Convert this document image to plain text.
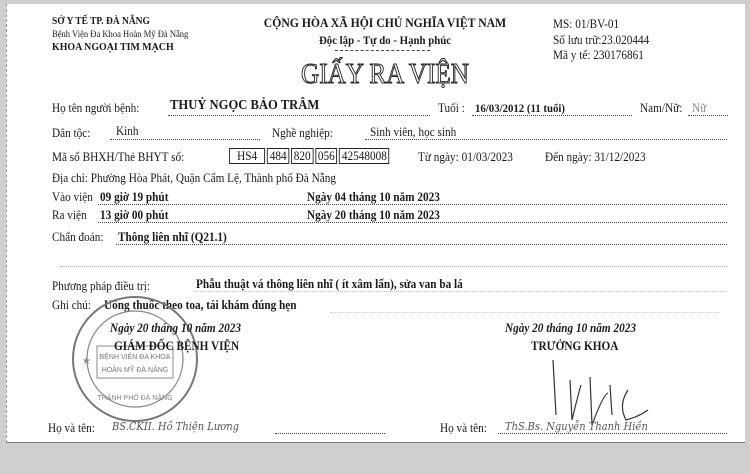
SỞ Y TẾ TP. ĐÀ NẴNG
Bệnh Viện Đa Khoa Hoàn Mỹ Đà Nẵng
KHOA NGOẠI TIM MẠCH
CỘNG HÒA XÃ HỘI CHỦ NGHĨA VIỆT NAM
Độc lập - Tự do - Hạnh phúc
MS: 01/BV-01
Số lưu trữ:23.020444
Mã y tế: 230176861
GIẤY RA VIỆN
Họ tên người bệnh: THUỶ NGỌC BẢO TRÂM	Tuổi : 16/03/2012 (11 tuổi)	Nam/Nữ: Nữ
Dân tộc: Kinh	Nghề nghiệp:	Sinh viên, học sinh
Mã số BHXH/Thẻ BHYT số:	HS4 484 820 056 42548008	Từ ngày: 01/03/2023	Đến ngày: 31/12/2023
Địa chỉ: Phường Hòa Phát, Quận Cẩm Lệ, Thành phố Đà Nẵng
Vào viện 09 giờ 19 phút	Ngày 04 tháng 10 năm 2023
Ra viện 13 giờ 00 phút	Ngày 20 tháng 10 năm 2023
Chẩn đoán: Thông liên nhĩ (Q21.1)
Phương pháp điều trị:	Phẫu thuật vá thông liên nhĩ ( ít xâm lấn), sửa van ba lá
Ghi chú: Uống thuốc theo toa, tái khám đúng hẹn
BỆNH VIỆN ĐA KHOA
HOÀN MỸ ĐÀ NẴNG
THÀNH PHỐ ĐÀ NẴNG
★
Ngày 20 tháng 10 năm 2023
GIÁM ĐỐC BỆNH VIỆN
Ngày 20 tháng 10 năm 2023
TRƯỞNG KHOA
Họ và tên: BS.CKII. Hồ Thiện Lương	Họ và tên: ThS.Bs. Nguyễn Thanh Hiền
